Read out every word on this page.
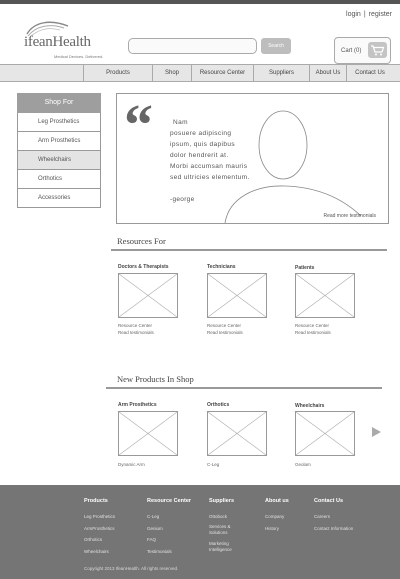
login | register
ifeanHealth
Medical Devices. Delivered.
Search
Cart (0)
Products	Shop	Resource Center	Suppliers	About Us	Contact Us
Shop For
Leg Prosthetics
Arm Prosthetics
Wheelchairs
Orthotics
Accessories
“	Nam
posuere adipiscing
ipsum, quis dapibus
dolor hendrerit at.
Morbi accumsan mauris
sed ultricies elementum.
-george
Read more testimonials
Resources For
Doctors & Therapists
Resource Center
Read testimonials
Technicians
Resource Center
Read testimonials
Patients
Resource Center
Read testimonials
New Products In Shop
Arm Prosthetics
Dynamic Arm
Orthotics
C-Leg
Wheelchairs
Geolam
Products
Leg Prosthetics
ArmProsthetics
Orthotics
Wheelchairs
Resource Center
C-Leg
Genium
FAQ
Testimonials
Suppliers
Ottobock
Services & Solutions
Marketing Intelligence
About us
Company
History
Contact Us
Careers
Contact Information
Copyright 2013 IfeanHealth. All rights reserved.
